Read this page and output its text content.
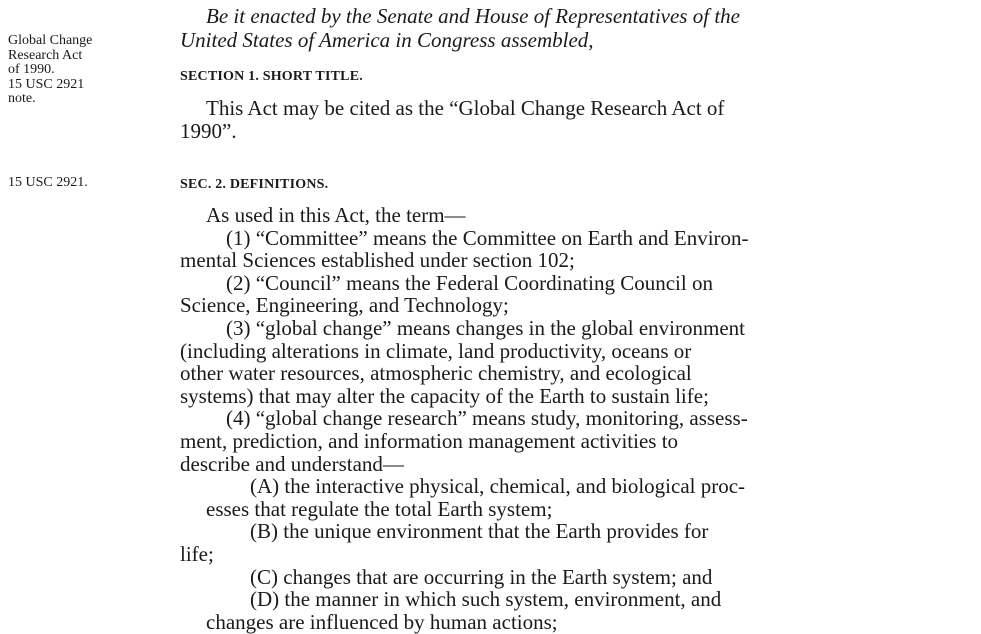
Global Change
Research Act
of 1990.
15 USC 2921
note.
15 USC 2921.
Be it enacted by the Senate and House of Representatives of the
United States of America in Congress assembled,
SECTION 1. SHORT TITLE.
This Act may be cited as the “Global Change Research Act of
1990”.
SEC. 2. DEFINITIONS.
As used in this Act, the term—
(1) “Committee” means the Committee on Earth and Environ-
mental Sciences established under section 102;
(2) “Council” means the Federal Coordinating Council on
Science, Engineering, and Technology;
(3) “global change” means changes in the global environment
(including alterations in climate, land productivity, oceans or
other water resources, atmospheric chemistry, and ecological
systems) that may alter the capacity of the Earth to sustain life;
(4) “global change research” means study, monitoring, assess-
ment, prediction, and information management activities to
describe and understand—
(A) the interactive physical, chemical, and biological proc-
esses that regulate the total Earth system;
(B) the unique environment that the Earth provides for
life;
(C) changes that are occurring in the Earth system; and
(D) the manner in which such system, environment, and
changes are influenced by human actions;
